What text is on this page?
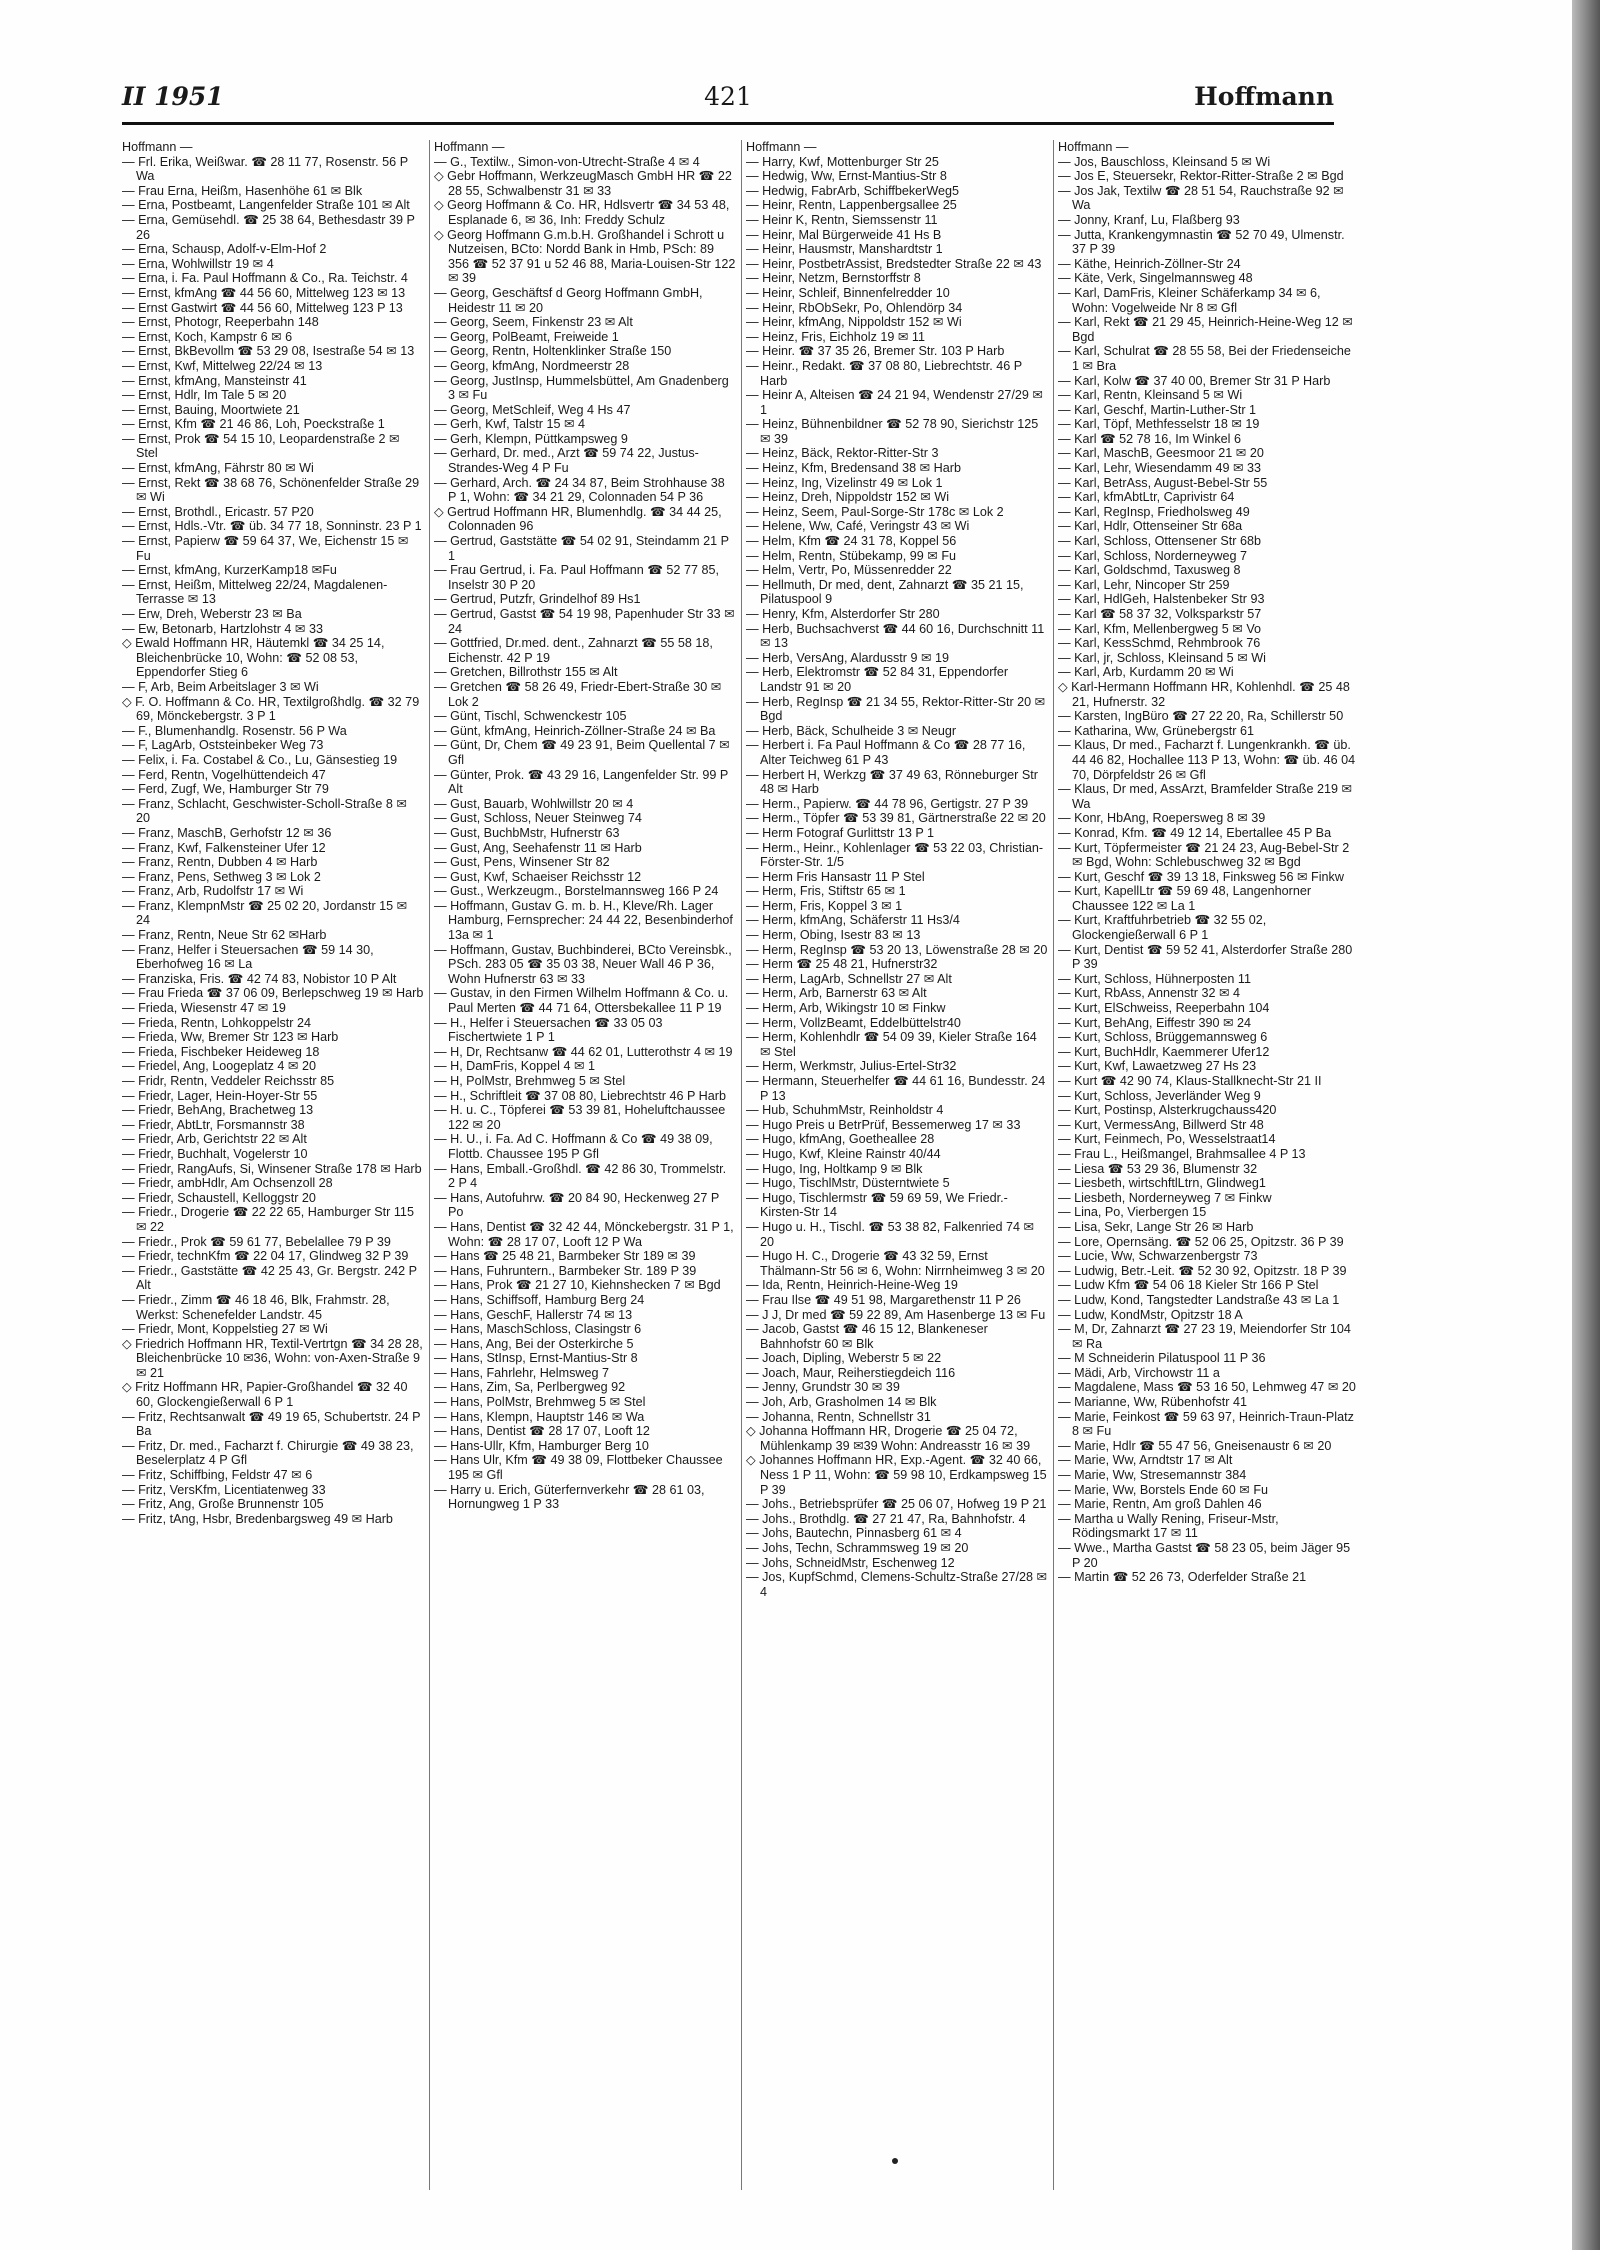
II 1951	421	Hoffmann
Hoffmann —
— Frl. Erika, Weißwar. ☎ 28 11 77, Rosenstr. 56 P Wa
— Frau Erna, Heißm, Hasenhöhe 61 ✉ Blk
— Erna, Postbeamt, Langenfelder Straße 101 ✉ Alt
— Erna, Gemüsehdl. ☎ 25 38 64, Bethesdastr 39 P 26
— Erna, Schausp, Adolf-v-Elm-Hof 2
— Erna, Wohlwillstr 19 ✉ 4
— Erna, i. Fa. Paul Hoffmann & Co., Ra. Teichstr. 4
— Ernst, kfmAng ☎ 44 56 60, Mittelweg 123 ✉ 13
— Ernst Gastwirt ☎ 44 56 60, Mittelweg 123 P 13
— Ernst, Photogr, Reeperbahn 148
— Ernst, Koch, Kampstr 6 ✉ 6
— Ernst, BkBevollm ☎ 53 29 08, Isestraße 54 ✉ 13
— Ernst, Kwf, Mittelweg 22/24 ✉ 13
— Ernst, kfmAng, Mansteinstr 41
— Ernst, Hdlr, Im Tale 5 ✉ 20
— Ernst, Bauing, Moortwiete 21
— Ernst, Kfm ☎ 21 46 86, Loh, Poeckstraße 1
— Ernst, Prok ☎ 54 15 10, Leopardenstraße 2 ✉ Stel
— Ernst, kfmAng, Fährstr 80 ✉ Wi
— Ernst, Rekt ☎ 38 68 76, Schönenfelder Straße 29 ✉ Wi
— Ernst, Brothdl., Ericastr. 57 P20
— Ernst, Hdls.-Vtr. ☎ üb. 34 77 18, Sonninstr. 23 P 1
— Ernst, Papierw ☎ 59 64 37, We, Eichenstr 15 ✉ Fu
— Ernst, kfmAng, KurzerKamp18 ✉Fu
— Ernst, Heißm, Mittelweg 22/24, Magdalenen-Terrasse ✉ 13
— Erw, Dreh, Weberstr 23 ✉ Ba
— Ew, Betonarb, Hartzlohstr 4 ✉ 33
◇ Ewald Hoffmann HR, Häutemkl ☎ 34 25 14, Bleichenbrücke 10, Wohn: ☎ 52 08 53, Eppendorfer Stieg 6
— F, Arb, Beim Arbeitslager 3 ✉ Wi
◇ F. O. Hoffmann & Co. HR, Textilgroßhdlg. ☎ 32 79 69, Mönckebergstr. 3 P 1
— F., Blumenhandlg. Rosenstr. 56 P Wa
— F, LagArb, Oststeinbeker Weg 73
— Felix, i. Fa. Costabel & Co., Lu, Gänsestieg 19
— Ferd, Rentn, Vogelhüttendeich 47
— Ferd, Zugf, We, Hamburger Str 79
— Franz, Schlacht, Geschwister-Scholl-Straße 8 ✉ 20
— Franz, MaschB, Gerhofstr 12 ✉ 36
— Franz, Kwf, Falkensteiner Ufer 12
— Franz, Rentn, Dubben 4 ✉ Harb
— Franz, Pens, Sethweg 3 ✉ Lok 2
— Franz, Arb, Rudolfstr 17 ✉ Wi
— Franz, KlempnMstr ☎ 25 02 20, Jordanstr 15 ✉ 24
— Franz, Rentn, Neue Str 62 ✉Harb
— Franz, Helfer i Steuersachen ☎ 59 14 30, Eberhofweg 16 ✉ La
— Franziska, Fris. ☎ 42 74 83, Nobistor 10 P Alt
— Frau Frieda ☎ 37 06 09, Berlepschweg 19 ✉ Harb
— Frieda, Wiesenstr 47 ✉ 19
— Frieda, Rentn, Lohkoppelstr 24
— Frieda, Ww, Bremer Str 123 ✉ Harb
— Frieda, Fischbeker Heideweg 18
— Friedel, Ang, Loogeplatz 4 ✉ 20
— Fridr, Rentn, Veddeler Reichsstr 85
— Friedr, Lager, Hein-Hoyer-Str 55
— Friedr, BehAng, Brachetweg 13
— Friedr, AbtLtr, Forsmannstr 38
— Friedr, Arb, Gerichtstr 22 ✉ Alt
— Friedr, Buchhalt, Vogelerstr 10
— Friedr, RangAufs, Si, Winsener Straße 178 ✉ Harb
— Friedr, ambHdlr, Am Ochsenzoll 28
— Friedr, Schaustell, Kelloggstr 20
— Friedr., Drogerie ☎ 22 22 65, Hamburger Str 115 ✉ 22
— Friedr., Prok ☎ 59 61 77, Bebelallee 79 P 39
— Friedr, technKfm ☎ 22 04 17, Glindweg 32 P 39
— Friedr., Gaststätte ☎ 42 25 43, Gr. Bergstr. 242 P Alt
— Friedr., Zimm ☎ 46 18 46, Blk, Frahmstr. 28, Werkst: Schenefelder Landstr. 45
— Friedr, Mont, Koppelstieg 27 ✉ Wi
◇ Friedrich Hoffmann HR, Textil-Vertrtgn ☎ 34 28 28, Bleichenbrücke 10 ✉36, Wohn: von-Axen-Straße 9 ✉ 21
◇ Fritz Hoffmann HR, Papier-Großhandel ☎ 32 40 60, Glockengießerwall 6 P 1
— Fritz, Rechtsanwalt ☎ 49 19 65, Schubertstr. 24 P Ba
— Fritz, Dr. med., Facharzt f. Chirurgie ☎ 49 38 23, Beselerplatz 4 P Gfl
— Fritz, Schiffbing, Feldstr 47 ✉ 6
— Fritz, VersKfm, Licentiatenweg 33
— Fritz, Ang, Große Brunnenstr 105
— Fritz, tAng, Hsbr, Bredenbargsweg 49 ✉ Harb
Hoffmann —
— G., Textilw., Simon-von-Utrecht-Straße 4 ✉ 4
◇ Gebr Hoffmann, WerkzeugMasch GmbH HR ☎ 22 28 55, Schwalbenstr 31 ✉ 33
◇ Georg Hoffmann & Co. HR, Hdlsvertr ☎ 34 53 48, Esplanade 6, ✉ 36, Inh: Freddy Schulz
◇ Georg Hoffmann G.m.b.H. Großhandel i Schrott u Nutzeisen, BCto: Nordd Bank in Hmb, PSch: 89 356 ☎ 52 37 91 u 52 46 88, Maria-Louisen-Str 122 ✉ 39
— Georg, Geschäftsf d Georg Hoffmann GmbH, Heidestr 11 ✉ 20
— Georg, Seem, Finkenstr 23 ✉ Alt
— Georg, PolBeamt, Freiweide 1
— Georg, Rentn, Holtenklinker Straße 150
— Georg, kfmAng, Nordmeerstr 28
— Georg, JustInsp, Hummelsbüttel, Am Gnadenberg 3 ✉ Fu
— Georg, MetSchleif, Weg 4 Hs 47
— Gerh, Kwf, Talstr 15 ✉ 4
— Gerh, Klempn, Püttkampsweg 9
— Gerhard, Dr. med., Arzt ☎ 59 74 22, Justus-Strandes-Weg 4 P Fu
— Gerhard, Arch. ☎ 24 34 87, Beim Strohhause 38 P 1, Wohn: ☎ 34 21 29, Colonnaden 54 P 36
◇ Gertrud Hoffmann HR, Blumenhdlg. ☎ 34 44 25, Colonnaden 96
— Gertrud, Gaststätte ☎ 54 02 91, Steindamm 21 P 1
— Frau Gertrud, i. Fa. Paul Hoffmann ☎ 52 77 85, Inselstr 30 P 20
— Gertrud, Putzfr, Grindelhof 89 Hs1
— Gertrud, Gastst ☎ 54 19 98, Papenhuder Str 33 ✉ 24
— Gottfried, Dr.med. dent., Zahnarzt ☎ 55 58 18, Eichenstr. 42 P 19
— Gretchen, Billrothstr 155 ✉ Alt
— Gretchen ☎ 58 26 49, Friedr-Ebert-Straße 30 ✉ Lok 2
— Günt, Tischl, Schwenckestr 105
— Günt, kfmAng, Heinrich-Zöllner-Straße 24 ✉ Ba
— Günt, Dr, Chem ☎ 49 23 91, Beim Quellental 7 ✉ Gfl
— Günter, Prok. ☎ 43 29 16, Langenfelder Str. 99 P Alt
— Gust, Bauarb, Wohlwillstr 20 ✉ 4
— Gust, Schloss, Neuer Steinweg 74
— Gust, BuchbMstr, Hufnerstr 63
— Gust, Ang, Seehafenstr 11 ✉ Harb
— Gust, Pens, Winsener Str 82
— Gust, Kwf, Schaeiser Reichsstr 12
— Gust., Werkzeugm., Borstelmannsweg 166 P 24
— Hoffmann, Gustav G. m. b. H., Kleve/Rh. Lager Hamburg, Fernsprecher: 24 44 22, Besenbinderhof 13a ✉ 1
— Hoffmann, Gustav, Buchbinderei, BCto Vereinsbk., PSch. 283 05 ☎ 35 03 38, Neuer Wall 46 P 36, Wohn Hufnerstr 63 ✉ 33
— Gustav, in den Firmen Wilhelm Hoffmann & Co. u. Paul Merten ☎ 44 71 64, Ottersbekallee 11 P 19
— H., Helfer i Steuersachen ☎ 33 05 03 Fischertwiete 1 P 1
— H, Dr, Rechtsanw ☎ 44 62 01, Lutterothstr 4 ✉ 19
— H, DamFris, Koppel 4 ✉ 1
— H, PolMstr, Brehmweg 5 ✉ Stel
— H., Schriftleit ☎ 37 08 80, Liebrechtstr 46 P Harb
— H. u. C., Töpferei ☎ 53 39 81, Hoheluftchaussee 122 ✉ 20
— H. U., i. Fa. Ad C. Hoffmann & Co ☎ 49 38 09, Flottb. Chaussee 195 P Gfl
— Hans, Emball.-Großhdl. ☎ 42 86 30, Trommelstr. 2 P 4
— Hans, Autofuhrw. ☎ 20 84 90, Heckenweg 27 P Po
— Hans, Dentist ☎ 32 42 44, Mönckebergstr. 31 P 1, Wohn: ☎ 28 17 07, Looft 12 P Wa
— Hans ☎ 25 48 21, Barmbeker Str 189 ✉ 39
— Hans, Fuhruntern., Barmbeker Str. 189 P 39
— Hans, Prok ☎ 21 27 10, Kiehnshecken 7 ✉ Bgd
— Hans, Schiffsoff, Hamburg Berg 24
— Hans, GeschF, Hallerstr 74 ✉ 13
— Hans, MaschSchloss, Clasingstr 6
— Hans, Ang, Bei der Osterkirche 5
— Hans, StInsp, Ernst-Mantius-Str 8
— Hans, Fahrlehr, Helmsweg 7
— Hans, Zim, Sa, Perlbergweg 92
— Hans, PolMstr, Brehmweg 5 ✉ Stel
— Hans, Klempn, Hauptstr 146 ✉ Wa
— Hans, Dentist ☎ 28 17 07, Looft 12
— Hans-Ullr, Kfm, Hamburger Berg 10
— Hans Ulr, Kfm ☎ 49 38 09, Flottbeker Chaussee 195 ✉ Gfl
— Harry u. Erich, Güterfernverkehr ☎ 28 61 03, Hornungweg 1 P 33
Hoffmann —
— Harry, Kwf, Mottenburger Str 25
— Hedwig, Ww, Ernst-Mantius-Str 8
— Hedwig, FabrArb, SchiffbekerWeg5
— Heinr, Rentn, Lappenbergsallee 25
— Heinr K, Rentn, Siemssenstr 11
— Heinr, Mal Bürgerweide 41 Hs B
— Heinr, Hausmstr, Manshardtstr 1
— Heinr, PostbetrAssist, Bredstedter Straße 22 ✉ 43
— Heinr, Netzm, Bernstorffstr 8
— Heinr, Schleif, Binnenfelredder 10
— Heinr, RbObSekr, Po, Ohlendörp 34
— Heinr, kfmAng, Nippoldstr 152 ✉ Wi
— Heinz, Fris, Eichholz 19 ✉ 11
— Heinr. ☎ 37 35 26, Bremer Str. 103 P Harb
— Heinr., Redakt. ☎ 37 08 80, Liebrechtstr. 46 P Harb
— Heinr A, Alteisen ☎ 24 21 94, Wendenstr 27/29 ✉ 1
— Heinz, Bühnenbildner ☎ 52 78 90, Sierichstr 125 ✉ 39
— Heinz, Bäck, Rektor-Ritter-Str 3
— Heinz, Kfm, Bredensand 38 ✉ Harb
— Heinz, Ing, Vizelinstr 49 ✉ Lok 1
— Heinz, Dreh, Nippoldstr 152 ✉ Wi
— Heinz, Seem, Paul-Sorge-Str 178c ✉ Lok 2
— Helene, Ww, Café, Veringstr 43 ✉ Wi
— Helm, Kfm ☎ 24 31 78, Koppel 56
— Helm, Rentn, Stübekamp, 99 ✉ Fu
— Helm, Vertr, Po, Müssenredder 22
— Hellmuth, Dr med, dent, Zahnarzt ☎ 35 21 15, Pilatuspool 9
— Henry, Kfm, Alsterdorfer Str 280
— Herb, Buchsachverst ☎ 44 60 16, Durchschnitt 11 ✉ 13
— Herb, VersAng, Alardusstr 9 ✉ 19
— Herb, Elektromstr ☎ 52 84 31, Eppendorfer Landstr 91 ✉ 20
— Herb, RegInsp ☎ 21 34 55, Rektor-Ritter-Str 20 ✉ Bgd
— Herb, Bäck, Schulheide 3 ✉ Neugr
— Herbert i. Fa Paul Hoffmann & Co ☎ 28 77 16, Alter Teichweg 61 P 43
— Herbert H, Werkzg ☎ 37 49 63, Rönneburger Str 48 ✉ Harb
— Herm., Papierw. ☎ 44 78 96, Gertigstr. 27 P 39
— Herm., Töpfer ☎ 53 39 81, Gärtnerstraße 22 ✉ 20
— Herm Fotograf Gurlittstr 13 P 1
— Herm., Heinr., Kohlenlager ☎ 53 22 03, Christian-Förster-Str. 1/5
— Herm Fris Hansastr 11 P Stel
— Herm, Fris, Stiftstr 65 ✉ 1
— Herm, Fris, Koppel 3 ✉ 1
— Herm, kfmAng, Schäferstr 11 Hs3/4
— Herm, Obing, Isestr 83 ✉ 13
— Herm, RegInsp ☎ 53 20 13, Löwenstraße 28 ✉ 20
— Herm ☎ 25 48 21, Hufnerstr32
— Herm, LagArb, Schnellstr 27 ✉ Alt
— Herm, Arb, Barnerstr 63 ✉ Alt
— Herm, Arb, Wikingstr 10 ✉ Finkw
— Herm, VollzBeamt, Eddelbüttelstr40
— Herm, Kohlenhdlr ☎ 54 09 39, Kieler Straße 164 ✉ Stel
— Herm, Werkmstr, Julius-Ertel-Str32
— Hermann, Steuerhelfer ☎ 44 61 16, Bundesstr. 24 P 13
— Hub, SchuhmMstr, Reinholdstr 4
— Hugo Preis u BetrPrüf, Bessemerweg 17 ✉ 33
— Hugo, kfmAng, Goetheallee 28
— Hugo, Kwf, Kleine Rainstr 40/44
— Hugo, Ing, Holtkamp 9 ✉ Blk
— Hugo, TischlMstr, Düsterntwiete 5
— Hugo, Tischlermstr ☎ 59 69 59, We Friedr.-Kirsten-Str 14
— Hugo u. H., Tischl. ☎ 53 38 82, Falkenried 74 ✉ 20
— Hugo H. C., Drogerie ☎ 43 32 59, Ernst Thälmann-Str 56 ✉ 6, Wohn: Nirrnheimweg 3 ✉ 20
— Ida, Rentn, Heinrich-Heine-Weg 19
— Frau Ilse ☎ 49 51 98, Margarethenstr 11 P 26
— J J, Dr med ☎ 59 22 89, Am Hasenberge 13 ✉ Fu
— Jacob, Gastst ☎ 46 15 12, Blankeneser Bahnhofstr 60 ✉ Blk
— Joach, Dipling, Weberstr 5 ✉ 22
— Joach, Maur, Reiherstiegdeich 116
— Jenny, Grundstr 30 ✉ 39
— Joh, Arb, Grasholmen 14 ✉ Blk
— Johanna, Rentn, Schnellstr 31
◇ Johanna Hoffmann HR, Drogerie ☎ 25 04 72, Mühlenkamp 39 ✉39 Wohn: Andreasstr 16 ✉ 39
◇ Johannes Hoffmann HR, Exp.-Agent. ☎ 32 40 66, Ness 1 P 11, Wohn: ☎ 59 98 10, Erdkampsweg 15 P 39
— Johs., Betriebsprüfer ☎ 25 06 07, Hofweg 19 P 21
— Johs., Brothdlg. ☎ 27 21 47, Ra, Bahnhofstr. 4
— Johs, Bautechn, Pinnasberg 61 ✉ 4
— Johs, Techn, Schrammsweg 19 ✉ 20
— Johs, SchneidMstr, Eschenweg 12
— Jos, KupfSchmd, Clemens-Schultz-Straße 27/28 ✉ 4
Hoffmann —
— Jos, Bauschloss, Kleinsand 5 ✉ Wi
— Jos E, Steuersekr, Rektor-Ritter-Straße 2 ✉ Bgd
— Jos Jak, Textilw ☎ 28 51 54, Rauchstraße 92 ✉ Wa
— Jonny, Kranf, Lu, Flaßberg 93
— Jutta, Krankengymnastin ☎ 52 70 49, Ulmenstr. 37 P 39
— Käthe, Heinrich-Zöllner-Str 24
— Käte, Verk, Singelmannsweg 48
— Karl, DamFris, Kleiner Schäferkamp 34 ✉ 6, Wohn: Vogelweide Nr 8 ✉ Gfl
— Karl, Rekt ☎ 21 29 45, Heinrich-Heine-Weg 12 ✉ Bgd
— Karl, Schulrat ☎ 28 55 58, Bei der Friedenseiche 1 ✉ Bra
— Karl, Kolw ☎ 37 40 00, Bremer Str 31 P Harb
— Karl, Rentn, Kleinsand 5 ✉ Wi
— Karl, Geschf, Martin-Luther-Str 1
— Karl, Töpf, Methfesselstr 18 ✉ 19
— Karl ☎ 52 78 16, Im Winkel 6
— Karl, MaschB, Geesmoor 21 ✉ 20
— Karl, Lehr, Wiesendamm 49 ✉ 33
— Karl, BetrAss, August-Bebel-Str 55
— Karl, kfmAbtLtr, Caprivistr 64
— Karl, RegInsp, Friedholsweg 49
— Karl, Hdlr, Ottenseiner Str 68a
— Karl, Schloss, Ottensener Str 68b
— Karl, Schloss, Norderneyweg 7
— Karl, Goldschmd, Taxusweg 8
— Karl, Lehr, Nincoper Str 259
— Karl, HdlGeh, Halstenbeker Str 93
— Karl ☎ 58 37 32, Volksparkstr 57
— Karl, Kfm, Mellenbergweg 5 ✉ Vo
— Karl, KessSchmd, Rehmbrook 76
— Karl, jr, Schloss, Kleinsand 5 ✉ Wi
— Karl, Arb, Kurdamm 20 ✉ Wi
◇ Karl-Hermann Hoffmann HR, Kohlenhdl. ☎ 25 48 21, Hufnerstr. 32
— Karsten, IngBüro ☎ 27 22 20, Ra, Schillerstr 50
— Katharina, Ww, Grünebergstr 61
— Klaus, Dr med., Facharzt f. Lungenkrankh. ☎ üb. 44 46 82, Hochallee 113 P 13, Wohn: ☎ üb. 46 04 70, Dörpfeldstr 26 ✉ Gfl
— Klaus, Dr med, AssArzt, Bramfelder Straße 219 ✉ Wa
— Konr, HbAng, Roepersweg 8 ✉ 39
— Konrad, Kfm. ☎ 49 12 14, Ebertallee 45 P Ba
— Kurt, Töpfermeister ☎ 21 24 23, Aug-Bebel-Str 2 ✉ Bgd, Wohn: Schlebuschweg 32 ✉ Bgd
— Kurt, Geschf ☎ 39 13 18, Finksweg 56 ✉ Finkw
— Kurt, KapellLtr ☎ 59 69 48, Langenhorner Chaussee 122 ✉ La 1
— Kurt, Kraftfuhrbetrieb ☎ 32 55 02, Glockengießerwall 6 P 1
— Kurt, Dentist ☎ 59 52 41, Alsterdorfer Straße 280 P 39
— Kurt, Schloss, Hühnerposten 11
— Kurt, RbAss, Annenstr 32 ✉ 4
— Kurt, ElSchweiss, Reeperbahn 104
— Kurt, BehAng, Eiffestr 390 ✉ 24
— Kurt, Schloss, Brüggemannsweg 6
— Kurt, BuchHdlr, Kaemmerer Ufer12
— Kurt, Kwf, Lawaetzweg 27 Hs 23
— Kurt ☎ 42 90 74, Klaus-Stallknecht-Str 21 II
— Kurt, Schloss, Jeverländer Weg 9
— Kurt, Postinsp, Alsterkrugchauss420
— Kurt, VermessAng, Billwerd Str 48
— Kurt, Feinmech, Po, Wesselstraat14
— Frau L., Heißmangel, Brahmsallee 4 P 13
— Liesa ☎ 53 29 36, Blumenstr 32
— Liesbeth, wirtschftlLtrn, Glindweg1
— Liesbeth, Norderneyweg 7 ✉ Finkw
— Lina, Po, Vierbergen 15
— Lisa, Sekr, Lange Str 26 ✉ Harb
— Lore, Opernsäng. ☎ 52 06 25, Opitzstr. 36 P 39
— Lucie, Ww, Schwarzenbergstr 73
— Ludwig, Betr.-Leit. ☎ 52 30 92, Opitzstr. 18 P 39
— Ludw Kfm ☎ 54 06 18 Kieler Str 166 P Stel
— Ludw, Kond, Tangstedter Landstraße 43 ✉ La 1
— Ludw, KondMstr, Opitzstr 18 A
— M, Dr, Zahnarzt ☎ 27 23 19, Meiendorfer Str 104 ✉ Ra
— M Schneiderin Pilatuspool 11 P 36
— Mädi, Arb, Virchowstr 11 a
— Magdalene, Mass ☎ 53 16 50, Lehmweg 47 ✉ 20
— Marianne, Ww, Rübenhofstr 41
— Marie, Feinkost ☎ 59 63 97, Heinrich-Traun-Platz 8 ✉ Fu
— Marie, Hdlr ☎ 55 47 56, Gneisenaustr 6 ✉ 20
— Marie, Ww, Arndtstr 17 ✉ Alt
— Marie, Ww, Stresemannstr 384
— Marie, Ww, Borstels Ende 60 ✉ Fu
— Marie, Rentn, Am groß Dahlen 46
— Martha u Wally Rening, Friseur-Mstr, Rödingsmarkt 17 ✉ 11
— Wwe., Martha Gastst ☎ 58 23 05, beim Jäger 95 P 20
— Martin ☎ 52 26 73, Oderfelder Straße 21
